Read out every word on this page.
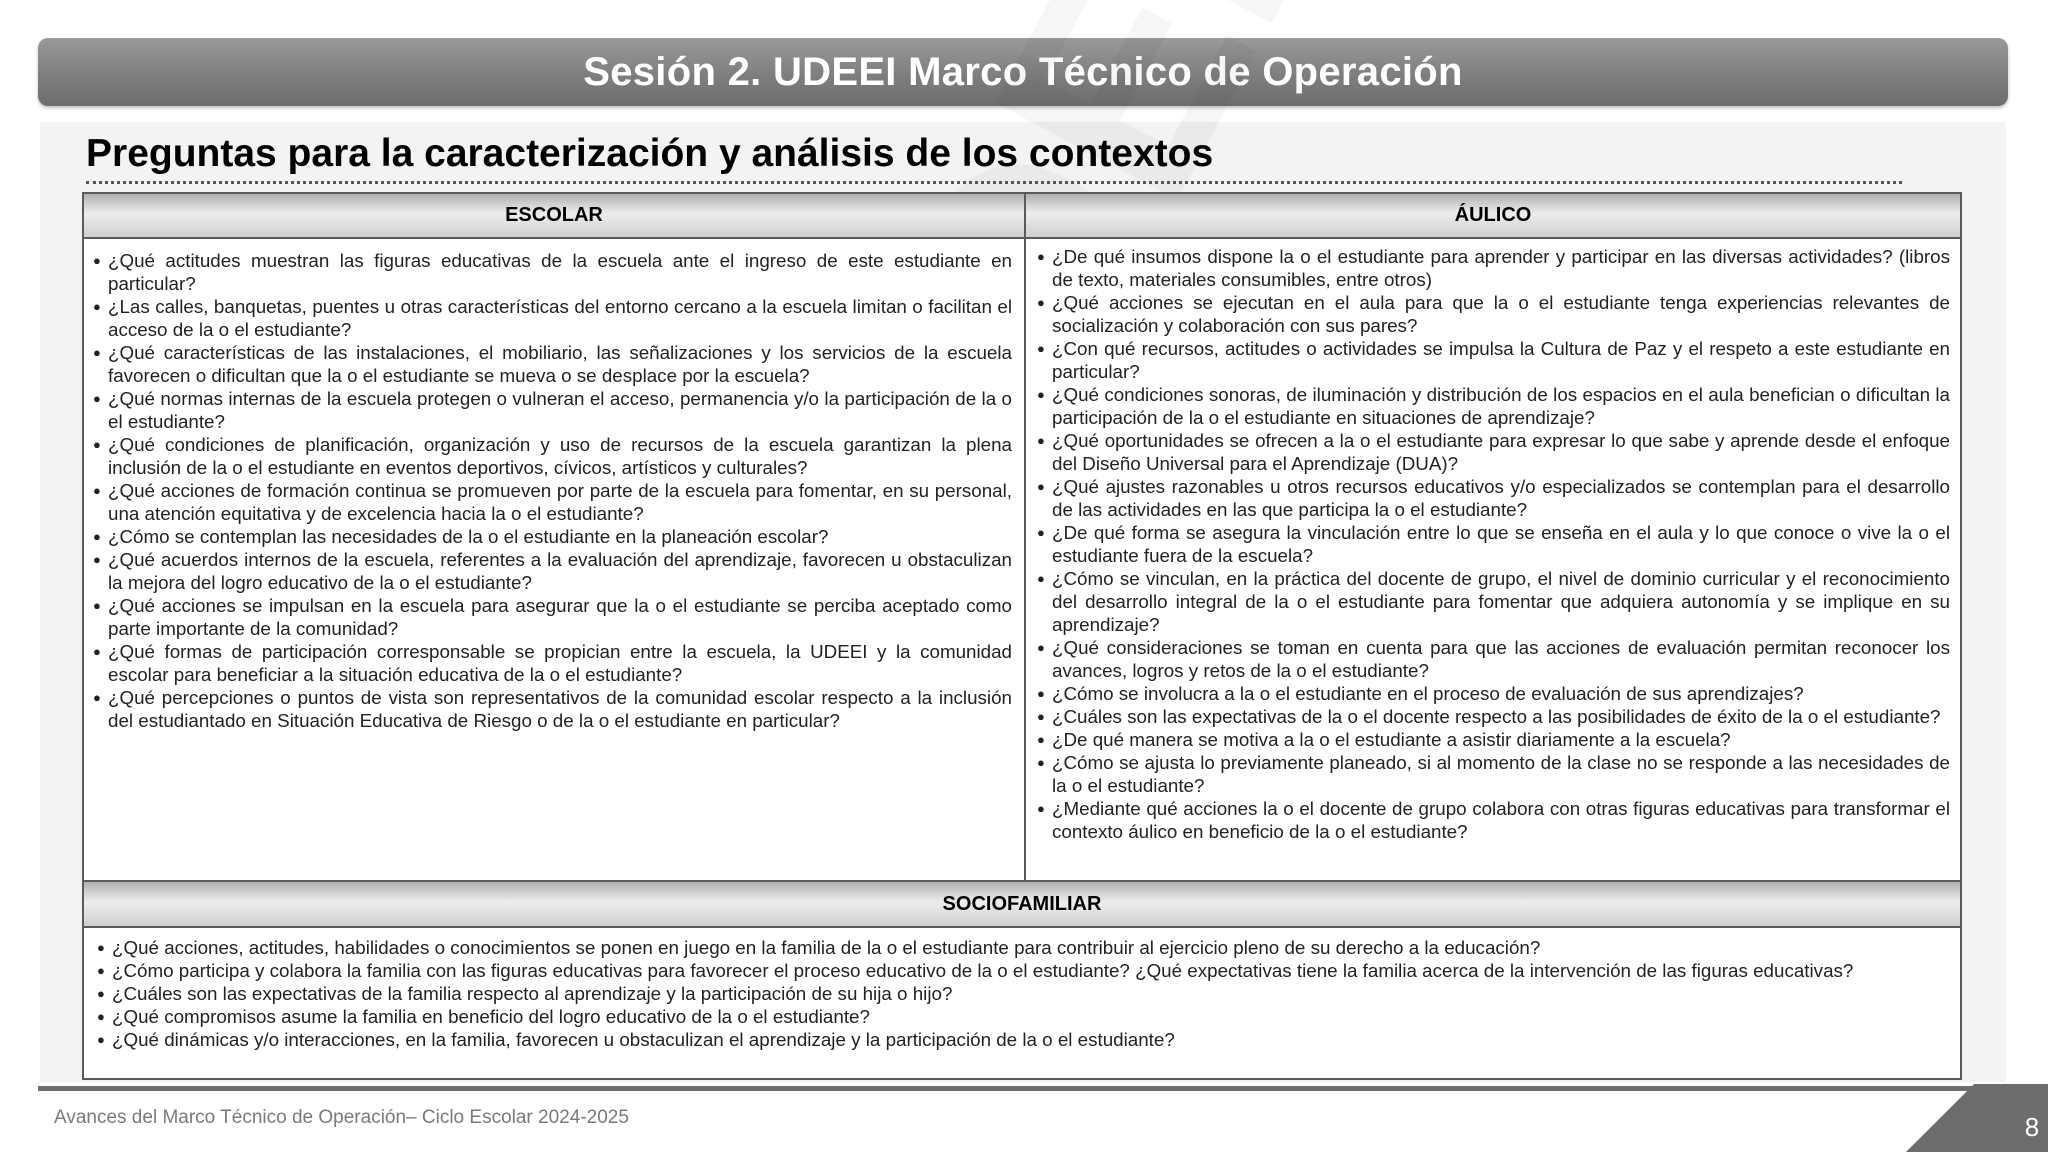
Sesión 2. UDEEI Marco Técnico de Operación
Preguntas para la caracterización y análisis de los contextos
ESCOLAR	ÁULICO
● ¿Qué actitudes muestran las figuras educativas de la escuela ante el ingreso de este estudiante en particular?
● ¿Las calles, banquetas, puentes u otras características del entorno cercano a la escuela limitan o facilitan el acceso de la o el estudiante?
● ¿Qué características de las instalaciones, el mobiliario, las señalizaciones y los servicios de la escuela favorecen o dificultan que la o el estudiante se mueva o se desplace por la escuela?
● ¿Qué normas internas de la escuela protegen o vulneran el acceso, permanencia y/o la participación de la o el estudiante?
● ¿Qué condiciones de planificación, organización y uso de recursos de la escuela garantizan la plena inclusión de la o el estudiante en eventos deportivos, cívicos, artísticos y culturales?
● ¿Qué acciones de formación continua se promueven por parte de la escuela para fomentar, en su personal, una atención equitativa y de excelencia hacia la o el estudiante?
● ¿Cómo se contemplan las necesidades de la o el estudiante en la planeación escolar?
● ¿Qué acuerdos internos de la escuela, referentes a la evaluación del aprendizaje, favorecen u obstaculizan la mejora del logro educativo de la o el estudiante?
● ¿Qué acciones se impulsan en la escuela para asegurar que la o el estudiante se perciba aceptado como parte importante de la comunidad?
● ¿Qué formas de participación corresponsable se propician entre la escuela, la UDEEI y la comunidad escolar para beneficiar a la situación educativa de la o el estudiante?
● ¿Qué percepciones o puntos de vista son representativos de la comunidad escolar respecto a la inclusión del estudiantado en Situación Educativa de Riesgo o de la o el estudiante en particular?
● ¿De qué insumos dispone la o el estudiante para aprender y participar en las diversas actividades? (libros de texto, materiales consumibles, entre otros)
● ¿Qué acciones se ejecutan en el aula para que la o el estudiante tenga experiencias relevantes de socialización y colaboración con sus pares?
● ¿Con qué recursos, actitudes o actividades se impulsa la Cultura de Paz y el respeto a este estudiante en particular?
● ¿Qué condiciones sonoras, de iluminación y distribución de los espacios en el aula benefician o dificultan la participación de la o el estudiante en situaciones de aprendizaje?
● ¿Qué oportunidades se ofrecen a la o el estudiante para expresar lo que sabe y aprende desde el enfoque del Diseño Universal para el Aprendizaje (DUA)?
● ¿Qué ajustes razonables u otros recursos educativos y/o especializados se contemplan para el desarrollo de las actividades en las que participa la o el estudiante?
● ¿De qué forma se asegura la vinculación entre lo que se enseña en el aula y lo que conoce o vive la o el estudiante fuera de la escuela?
● ¿Cómo se vinculan, en la práctica del docente de grupo, el nivel de dominio curricular y el reconocimiento del desarrollo integral de la o el estudiante para fomentar que adquiera autonomía y se implique en su aprendizaje?
● ¿Qué consideraciones se toman en cuenta para que las acciones de evaluación permitan reconocer los avances, logros y retos de la o el estudiante?
● ¿Cómo se involucra a la o el estudiante en el proceso de evaluación de sus aprendizajes?
● ¿Cuáles son las expectativas de la o el docente respecto a las posibilidades de éxito de la o el estudiante?
● ¿De qué manera se motiva a la o el estudiante a asistir diariamente a la escuela?
● ¿Cómo se ajusta lo previamente planeado, si al momento de la clase no se responde a las necesidades de la o el estudiante?
● ¿Mediante qué acciones la o el docente de grupo colabora con otras figuras educativas para transformar el contexto áulico en beneficio de la o el estudiante?
SOCIOFAMILIAR
● ¿Qué acciones, actitudes, habilidades o conocimientos se ponen en juego en la familia de la o el estudiante para contribuir al ejercicio pleno de su derecho a la educación?
● ¿Cómo participa y colabora la familia con las figuras educativas para favorecer el proceso educativo de la o el estudiante? ¿Qué expectativas tiene la familia acerca de la intervención de las figuras educativas?
● ¿Cuáles son las expectativas de la familia respecto al aprendizaje y la participación de su hija o hijo?
● ¿Qué compromisos asume la familia en beneficio del logro educativo de la o el estudiante?
● ¿Qué dinámicas y/o interacciones, en la familia, favorecen u obstaculizan el aprendizaje y la participación de la o el estudiante?
Avances del Marco Técnico de Operación– Ciclo Escolar 2024-2025	8
